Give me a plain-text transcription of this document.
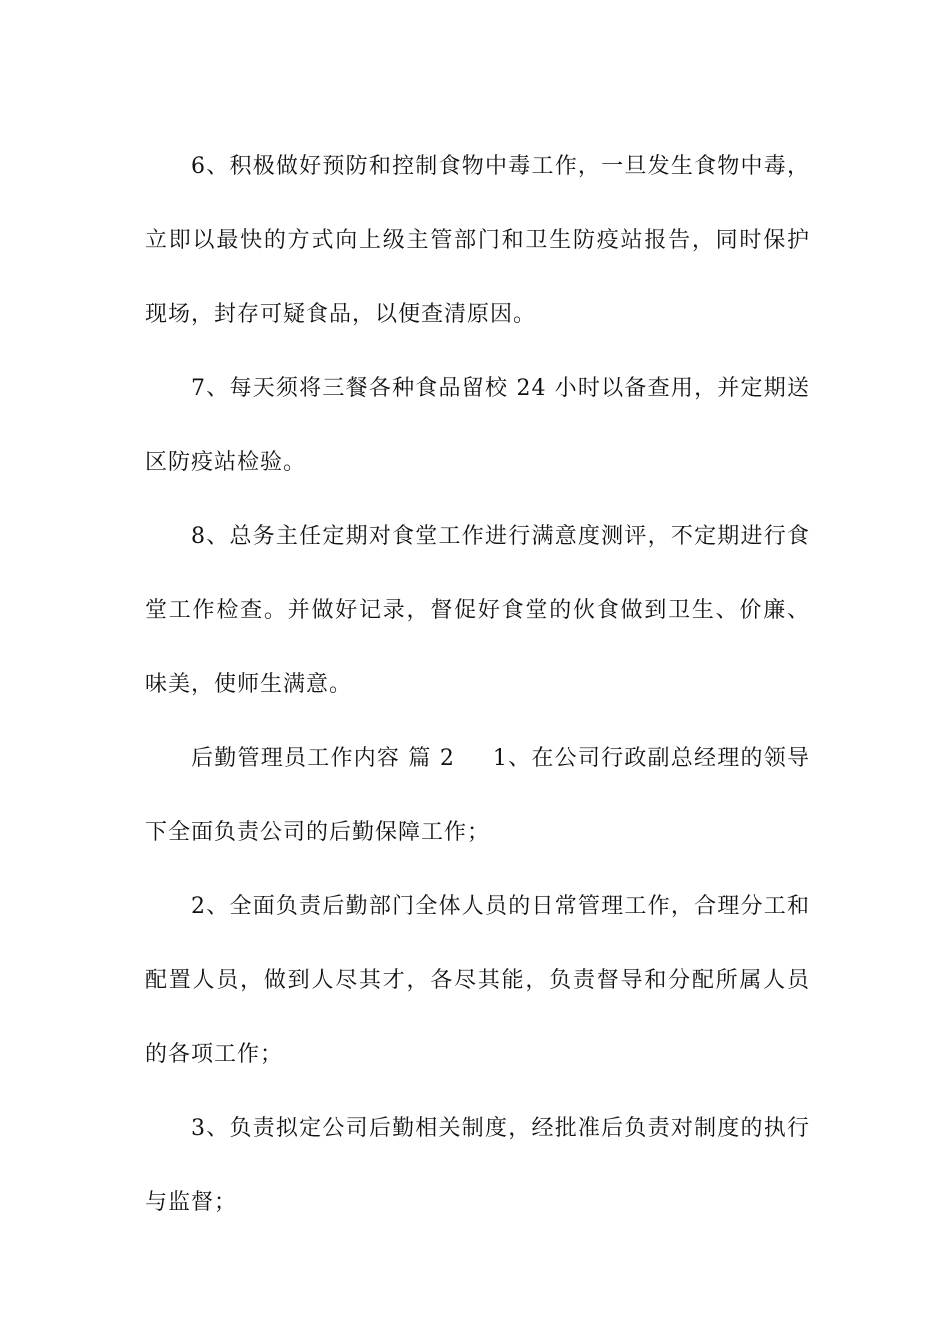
6、积极做好预防和控制食物中毒工作，一旦发生食物中毒，立即以最快的方式向上级主管部门和卫生防疫站报告，同时保护现场，封存可疑食品，以便查清原因。

7、每天须将三餐各种食品留校 24 小时以备查用，并定期送区防疫站检验。

8、总务主任定期对食堂工作进行满意度测评，不定期进行食堂工作检查。并做好记录，督促好食堂的伙食做到卫生、价廉、味美，使师生满意。

后勤管理员工作内容 篇 2 1、在公司行政副总经理的领导下全面负责公司的后勤保障工作；

2、全面负责后勤部门全体人员的日常管理工作，合理分工和配置人员，做到人尽其才，各尽其能，负责督导和分配所属人员的各项工作；

3、负责拟定公司后勤相关制度，经批准后负责对制度的执行与监督；
